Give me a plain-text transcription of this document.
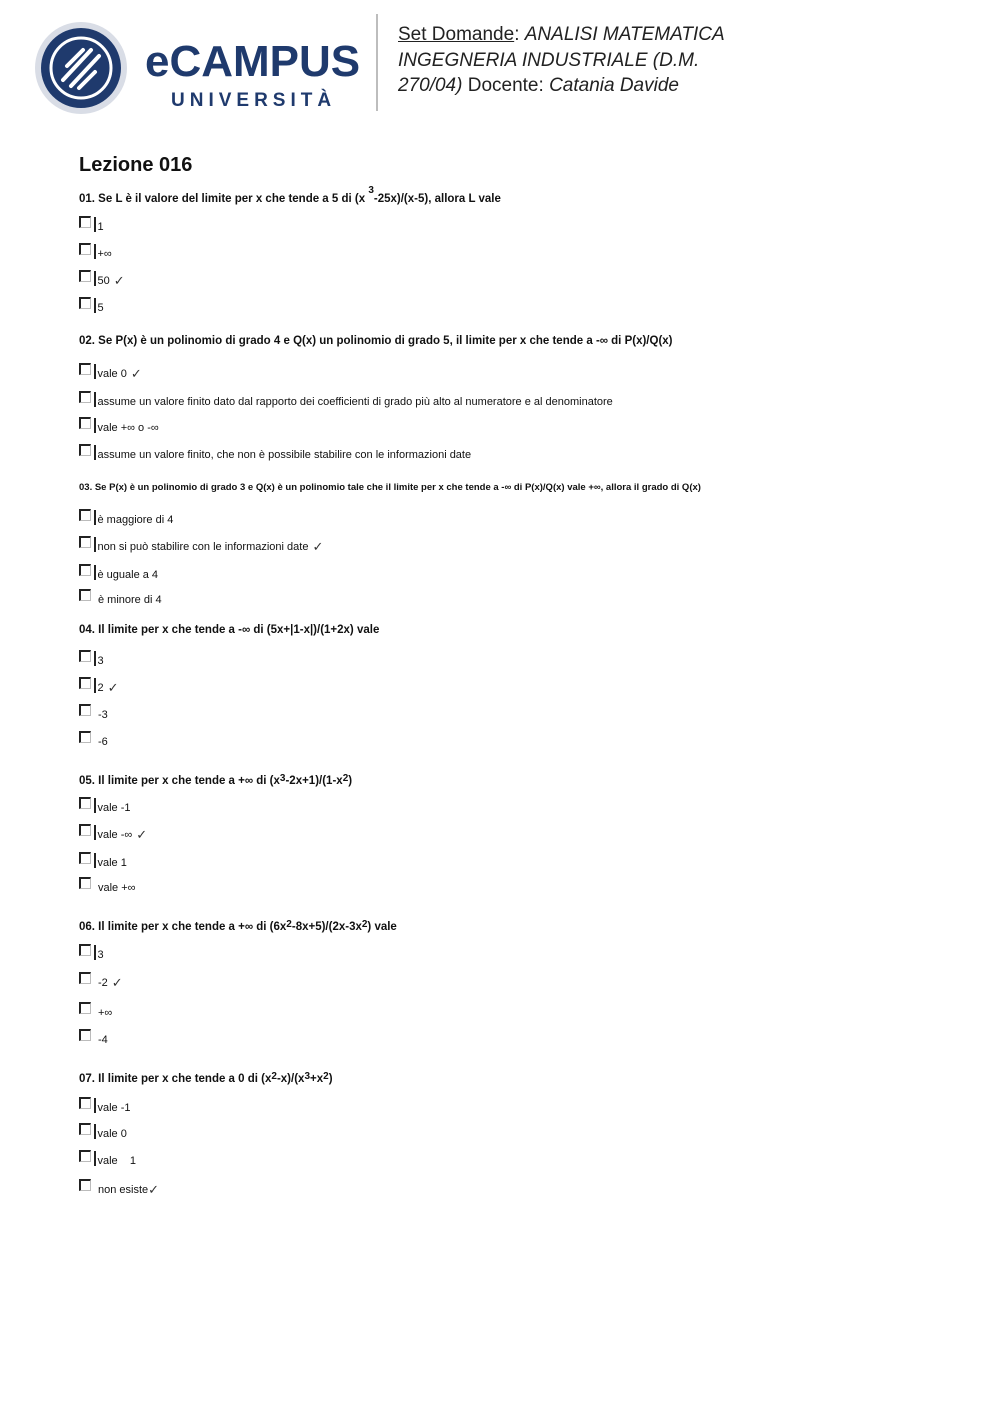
eCAMPUS
UNIVERSITÀ
Set Domande: ANALISI MATEMATICA
INGEGNERIA INDUSTRIALE (D.M.
270/04) Docente: Catania Davide
Lezione 016
01. Se L è il valore del limite per x che tende a 5 di (x $^3$-25x)/(x-5), allora L vale
1
+∞
50 ✓
5
02. Se P(x) è un polinomio di grado 4 e Q(x) un polinomio di grado 5, il limite per x che tende a -∞ di P(x)/Q(x)
vale 0 ✓
assume un valore finito dato dal rapporto dei coefficienti di grado più alto al numeratore e al denominatore
vale +∞ o -∞
assume un valore finito, che non è possibile stabilire con le informazioni date
03. Se P(x) è un polinomio di grado 3 e Q(x) è un polinomio tale che il limite per x che tende a -∞ di P(x)/Q(x) vale +∞, allora il grado di Q(x)
è maggiore di 4
non si può stabilire con le informazioni date ✓
è uguale a 4
è minore di 4
04. Il limite per x che tende a -∞ di (5x+|1-x|)/(1+2x) vale
3
2 ✓
-3
-6
05. Il limite per x che tende a +∞ di $(x^3-2x+1)/(1-x^2)$
vale -1
vale -∞ ✓
vale 1
vale +∞
06. Il limite per x che tende a +∞ di $(6x^2-8x+5)/(2x-3x^2)$ vale
3
-2 ✓
+∞
-4
07. Il limite per x che tende a 0 di $(x^2-x)/(x^3+x^2)$
vale -1
vale 0
vale    1
non esiste ✓
